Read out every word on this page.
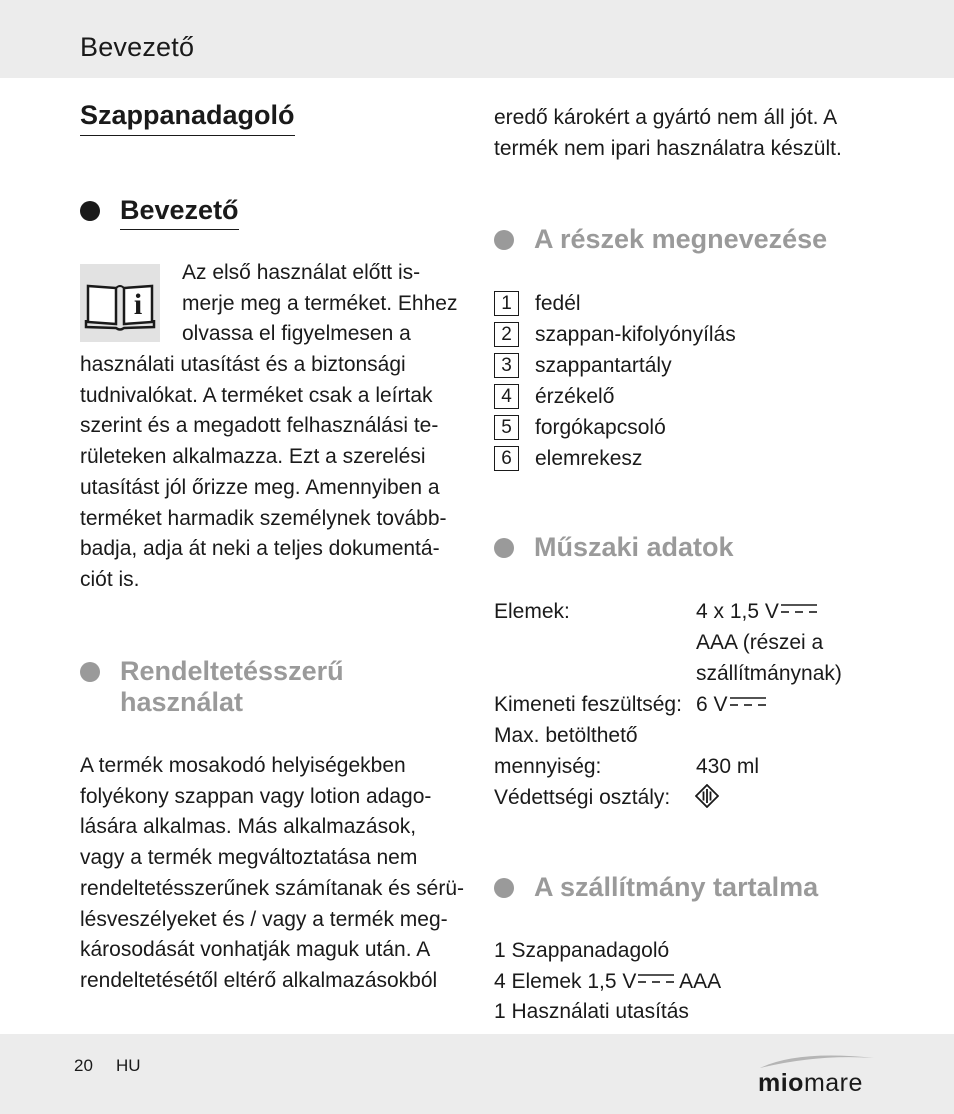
Bevezető
Szappanadagoló
Bevezető
i
Az első használat előtt is-
merje meg a terméket. Ehhez
olvassa el figyelmesen a
használati utasítást és a biztonsági
tudnivalókat. A terméket csak a leírtak
szerint és a megadott felhasználási te-
rületeken alkalmazza. Ezt a szerelési
utasítást jól őrizze meg. Amennyiben a
terméket harmadik személynek tovább-
badja, adja át neki a teljes dokumentá-
ciót is.
Rendeltetésszerű
használat
A termék mosakodó helyiségekben
folyékony szappan vagy lotion adago-
lására alkalmas. Más alkalmazások,
vagy a termék megváltoztatása nem
rendeltetésszerűnek számítanak és sérü-
lésveszélyeket és / vagy a termék meg-
károsodását vonhatják maguk után. A
rendeltetésétől eltérő alkalmazásokból
eredő károkért a gyártó nem áll jót. A
termék nem ipari használatra készült.
A részek megnevezése
1	fedél
2	szappan-kifolyónyílás
3	szappantartály
4	érzékelő
5	forgókapcsoló
6	elemrekesz
Műszaki adatok
Elemek:	4 x 1,5 V
AAA (részei a
szállítmánynak)
Kimeneti feszültség: 6 V
Max. betölthető
mennyiség:	430 ml
Védettségi osztály:
A szállítmány tartalma
1 Szappanadagoló
4 Elemek 1,5 V AAA
1 Használati utasítás
20 HU
miomare
